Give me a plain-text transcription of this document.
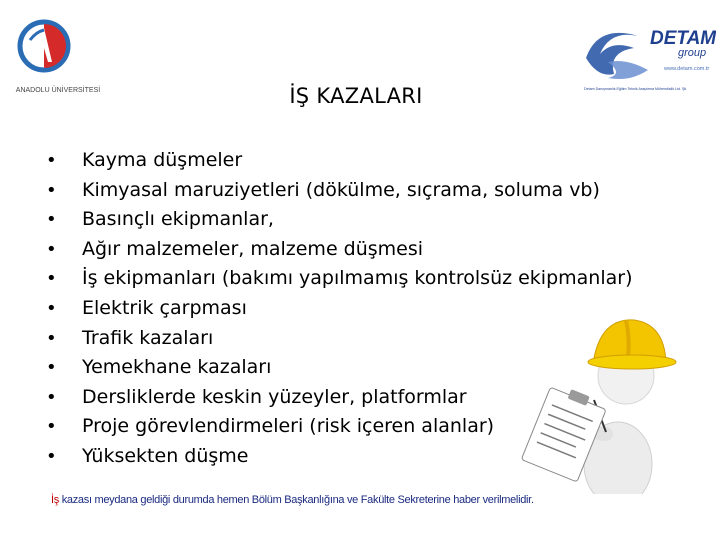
ANADOLU ÜNİVERSİTESİ
DETAM
group
www.detam.com.tr
Detam Danışmanlık Eğitim Teknik Araştırma Mühendislik Ltd. Şti.
İŞ KAZALARI
• Kayma düşmeler
• Kimyasal maruziyetleri (dökülme, sıçrama, soluma vb)
• Basınçlı ekipmanlar,
• Ağır malzemeler, malzeme düşmesi
• İş ekipmanları (bakımı yapılmamış kontrolsüz ekipmanlar)
• Elektrik çarpması
• Trafik kazaları
• Yemekhane kazaları
• Dersliklerde keskin yüzeyler, platformlar
• Proje görevlendirmeleri (risk içeren alanlar)
• Yüksekten düşme
İş kazası meydana geldiği durumda hemen Bölüm Başkanlığına ve Fakülte Sekreterine haber verilmelidir.
